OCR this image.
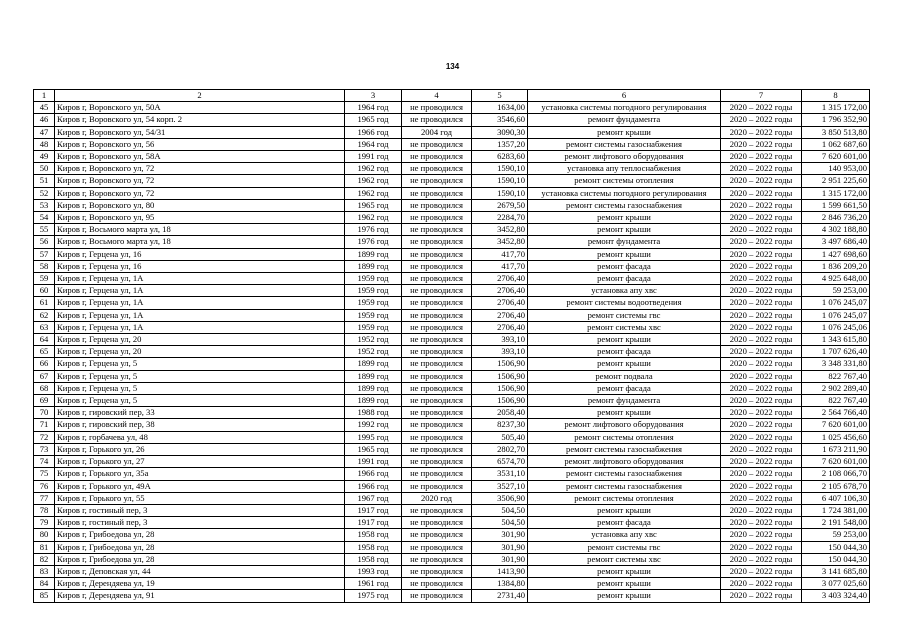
134
1	2	3	4	5	6	7	8
45	Киров г, Воровского ул, 50А	1964 год	не проводился	1634,00	установка системы погодного регулирования	2020 – 2022 годы	1 315 172,00
46	Киров г, Воровского ул, 54 корп. 2	1965 год	не проводился	3546,60	ремонт фундамента	2020 – 2022 годы	1 796 352,90
47	Киров г, Воровского ул, 54/31	1966 год	2004 год	3090,30	ремонт крыши	2020 – 2022 годы	3 850 513,80
48	Киров г, Воровского ул, 56	1964 год	не проводился	1357,20	ремонт системы газоснабжения	2020 – 2022 годы	1 062 687,60
49	Киров г, Воровского ул, 58А	1991 год	не проводился	6283,60	ремонт лифтового оборудования	2020 – 2022 годы	7 620 601,00
50	Киров г, Воровского ул, 72	1962 год	не проводился	1590,10	установка апу теплоснабжения	2020 – 2022 годы	140 953,00
51	Киров г, Воровского ул, 72	1962 год	не проводился	1590,10	ремонт системы отопления	2020 – 2022 годы	2 951 225,60
52	Киров г, Воровского ул, 72	1962 год	не проводился	1590,10	установка системы погодного регулирования	2020 – 2022 годы	1 315 172,00
53	Киров г, Воровского ул, 80	1965 год	не проводился	2679,50	ремонт системы газоснабжения	2020 – 2022 годы	1 599 661,50
54	Киров г, Воровского ул, 95	1962 год	не проводился	2284,70	ремонт крыши	2020 – 2022 годы	2 846 736,20
55	Киров г, Восьмого марта ул, 18	1976 год	не проводился	3452,80	ремонт крыши	2020 – 2022 годы	4 302 188,80
56	Киров г, Восьмого марта ул, 18	1976 год	не проводился	3452,80	ремонт фундамента	2020 – 2022 годы	3 497 686,40
57	Киров г, Герцена ул, 16	1899 год	не проводился	417,70	ремонт крыши	2020 – 2022 годы	1 427 698,60
58	Киров г, Герцена ул, 16	1899 год	не проводился	417,70	ремонт фасада	2020 – 2022 годы	1 836 209,20
59	Киров г, Герцена ул, 1А	1959 год	не проводился	2706,40	ремонт фасада	2020 – 2022 годы	4 925 648,00
60	Киров г, Герцена ул, 1А	1959 год	не проводился	2706,40	установка апу хвс	2020 – 2022 годы	59 253,00
61	Киров г, Герцена ул, 1А	1959 год	не проводился	2706,40	ремонт системы водоотведения	2020 – 2022 годы	1 076 245,07
62	Киров г, Герцена ул, 1А	1959 год	не проводился	2706,40	ремонт системы гвс	2020 – 2022 годы	1 076 245,07
63	Киров г, Герцена ул, 1А	1959 год	не проводился	2706,40	ремонт системы хвс	2020 – 2022 годы	1 076 245,06
64	Киров г, Герцена ул, 20	1952 год	не проводился	393,10	ремонт крыши	2020 – 2022 годы	1 343 615,80
65	Киров г, Герцена ул, 20	1952 год	не проводился	393,10	ремонт фасада	2020 – 2022 годы	1 707 626,40
66	Киров г, Герцена ул, 5	1899 год	не проводился	1506,90	ремонт крыши	2020 – 2022 годы	3 348 331,80
67	Киров г, Герцена ул, 5	1899 год	не проводился	1506,90	ремонт подвала	2020 – 2022 годы	822 767,40
68	Киров г, Герцена ул, 5	1899 год	не проводился	1506,90	ремонт фасада	2020 – 2022 годы	2 902 289,40
69	Киров г, Герцена ул, 5	1899 год	не проводился	1506,90	ремонт фундамента	2020 – 2022 годы	822 767,40
70	Киров г, гировский пер, 33	1988 год	не проводился	2058,40	ремонт крыши	2020 – 2022 годы	2 564 766,40
71	Киров г, гировский пер, 38	1992 год	не проводился	8237,30	ремонт лифтового оборудования	2020 – 2022 годы	7 620 601,00
72	Киров г, горбачева ул, 48	1995 год	не проводился	505,40	ремонт системы отопления	2020 – 2022 годы	1 025 456,60
73	Киров г, Горького ул, 26	1965 год	не проводился	2802,70	ремонт системы газоснабжения	2020 – 2022 годы	1 673 211,90
74	Киров г, Горького ул, 27	1991 год	не проводился	6574,70	ремонт лифтового оборудования	2020 – 2022 годы	7 620 601,00
75	Киров г, Горького ул, 35а	1966 год	не проводился	3531,10	ремонт системы газоснабжения	2020 – 2022 годы	2 108 066,70
76	Киров г, Горького ул, 49А	1966 год	не проводился	3527,10	ремонт системы газоснабжения	2020 – 2022 годы	2 105 678,70
77	Киров г, Горького ул, 55	1967 год	2020 год	3506,90	ремонт системы отопления	2020 – 2022 годы	6 407 106,30
78	Киров г, гостиный пер, 3	1917 год	не проводился	504,50	ремонт крыши	2020 – 2022 годы	1 724 381,00
79	Киров г, гостиный пер, 3	1917 год	не проводился	504,50	ремонт фасада	2020 – 2022 годы	2 191 548,00
80	Киров г, Грибоедова ул, 28	1958 год	не проводился	301,90	установка апу хвс	2020 – 2022 годы	59 253,00
81	Киров г, Грибоедова ул, 28	1958 год	не проводился	301,90	ремонт системы гвс	2020 – 2022 годы	150 044,30
82	Киров г, Грибоедова ул, 28	1958 год	не проводился	301,90	ремонт системы хвс	2020 – 2022 годы	150 044,30
83	Киров г, Деповская ул, 44	1993 год	не проводился	1413,90	ремонт крыши	2020 – 2022 годы	3 141 685,80
84	Киров г, Дерендяева ул, 19	1961 год	не проводился	1384,80	ремонт крыши	2020 – 2022 годы	3 077 025,60
85	Киров г, Дерендяева ул, 91	1975 год	не проводился	2731,40	ремонт крыши	2020 – 2022 годы	3 403 324,40
